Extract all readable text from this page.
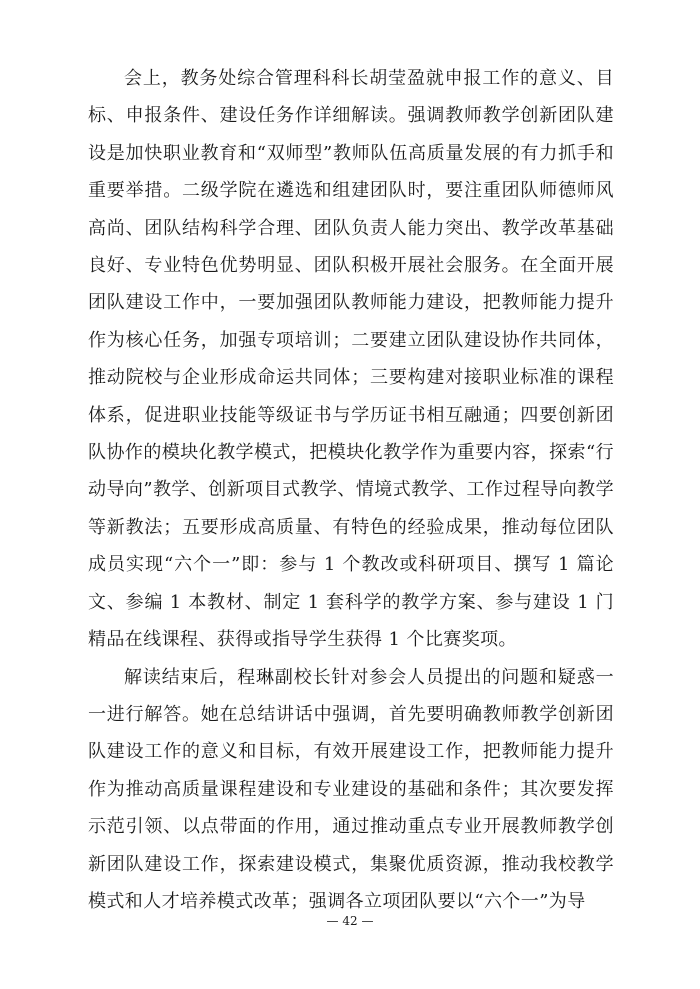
会上，教务处综合管理科科长胡莹盈就申报工作的意义、目标、申报条件、建设任务作详细解读。强调教师教学创新团队建设是加快职业教育和“双师型”教师队伍高质量发展的有力抓手和重要举措。二级学院在遴选和组建团队时，要注重团队师德师风高尚、团队结构科学合理、团队负责人能力突出、教学改革基础良好、专业特色优势明显、团队积极开展社会服务。在全面开展团队建设工作中，一要加强团队教师能力建设，把教师能力提升作为核心任务，加强专项培训；二要建立团队建设协作共同体，推动院校与企业形成命运共同体；三要构建对接职业标准的课程体系，促进职业技能等级证书与学历证书相互融通；四要创新团队协作的模块化教学模式，把模块化教学作为重要内容，探索“行动导向”教学、创新项目式教学、情境式教学、工作过程导向教学等新教法；五要形成高质量、有特色的经验成果，推动每位团队成员实现“六个一”即：参与 1 个教改或科研项目、撰写 1 篇论文、参编 1 本教材、制定 1 套科学的教学方案、参与建设 1 门精品在线课程、获得或指导学生获得 1 个比赛奖项。

解读结束后，程琳副校长针对参会人员提出的问题和疑惑一一进行解答。她在总结讲话中强调，首先要明确教师教学创新团队建设工作的意义和目标，有效开展建设工作，把教师能力提升作为推动高质量课程建设和专业建设的基础和条件；其次要发挥示范引领、以点带面的作用，通过推动重点专业开展教师教学创新团队建设工作，探索建设模式，集聚优质资源，推动我校教学模式和人才培养模式改革；强调各立项团队要以“六个一”为导

— 42 —
